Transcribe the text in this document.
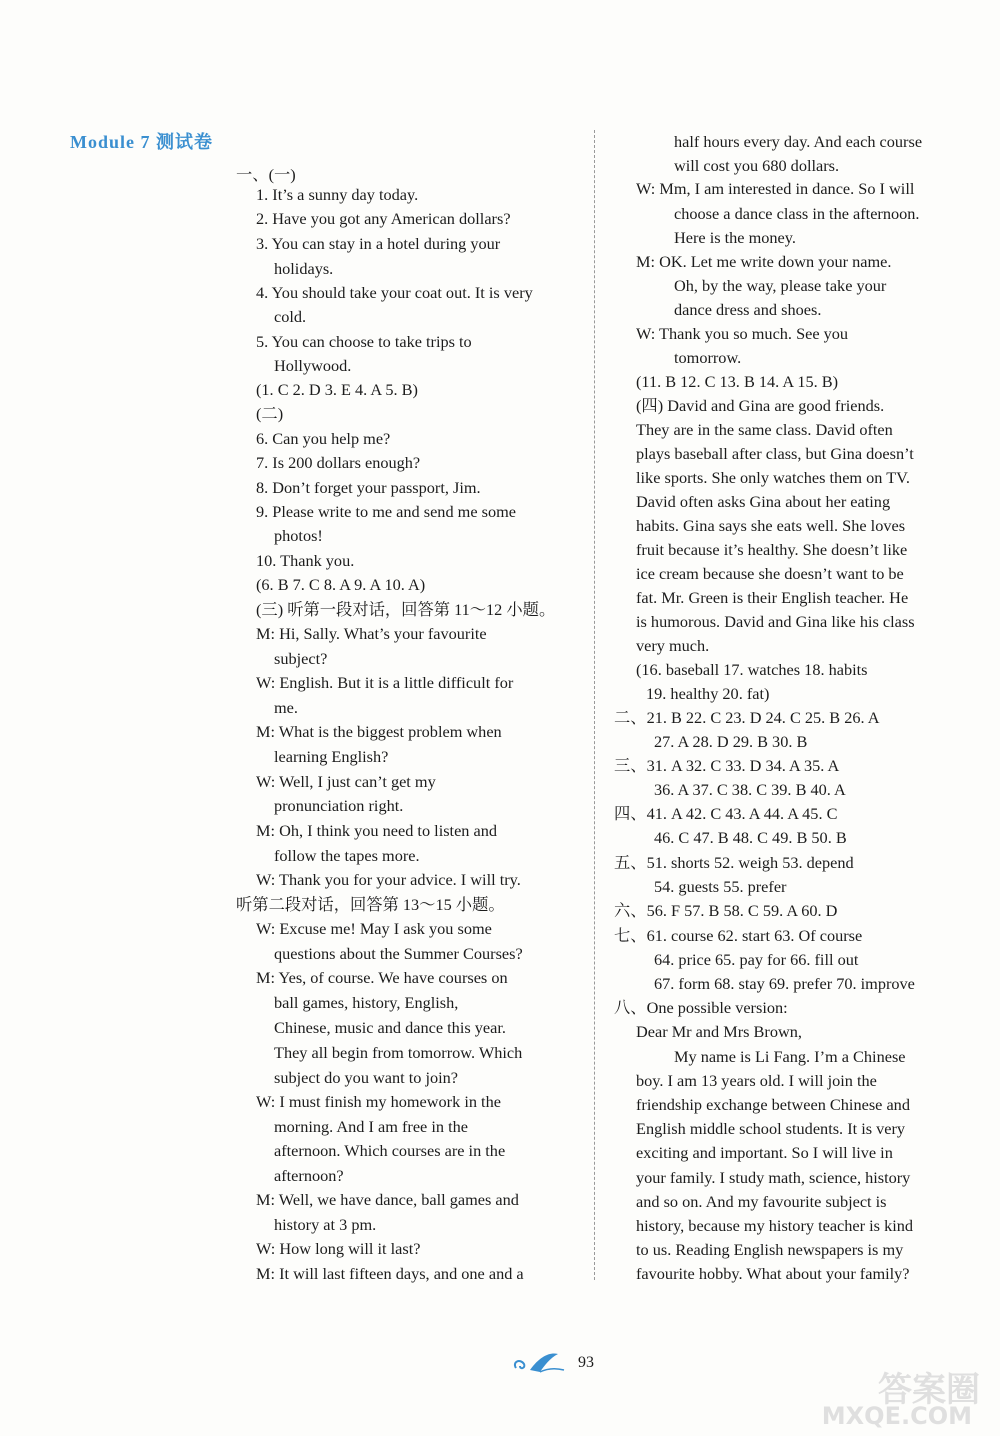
Module 7 测试卷
一、(一)
1. It’s a sunny day today.
2. Have you got any American dollars?
3. You can stay in a hotel during your
holidays.
4. You should take your coat out. It is very
cold.
5. You can choose to take trips to
Hollywood.
(1. C 2. D 3. E 4. A 5. B)
(二)
6. Can you help me?
7. Is 200 dollars enough?
8. Don’t forget your passport, Jim.
9. Please write to me and send me some
photos!
10. Thank you.
(6. B 7. C 8. A 9. A 10. A)
(三) 听第一段对话，回答第 11～12 小题。
M: Hi, Sally. What’s your favourite
subject?
W: English. But it is a little difficult for
me.
M: What is the biggest problem when
learning English?
W: Well, I just can’t get my
pronunciation right.
M: Oh, I think you need to listen and
follow the tapes more.
W: Thank you for your advice. I will try.
听第二段对话，回答第 13～15 小题。
W: Excuse me! May I ask you some
questions about the Summer Courses?
M: Yes, of course. We have courses on
ball games, history, English,
Chinese, music and dance this year.
They all begin from tomorrow. Which
subject do you want to join?
W: I must finish my homework in the
morning. And I am free in the
afternoon. Which courses are in the
afternoon?
M: Well, we have dance, ball games and
history at 3 pm.
W: How long will it last?
M: It will last fifteen days, and one and a
half hours every day. And each course
will cost you 680 dollars.
W: Mm, I am interested in dance. So I will
choose a dance class in the afternoon.
Here is the money.
M: OK. Let me write down your name.
Oh, by the way, please take your
dance dress and shoes.
W: Thank you so much. See you
tomorrow.
(11. B 12. C 13. B 14. A 15. B)
(四) David and Gina are good friends.
They are in the same class. David often
plays baseball after class, but Gina doesn’t
like sports. She only watches them on TV.
David often asks Gina about her eating
habits. Gina says she eats well. She loves
fruit because it’s healthy. She doesn’t like
ice cream because she doesn’t want to be
fat. Mr. Green is their English teacher. He
is humorous. David and Gina like his class
very much.
(16. baseball 17. watches 18. habits
19. healthy 20. fat)
二、21. B 22. C 23. D 24. C 25. B 26. A
27. A 28. D 29. B 30. B
三、31. A 32. C 33. D 34. A 35. A
36. A 37. C 38. C 39. B 40. A
四、41. A 42. C 43. A 44. A 45. C
46. C 47. B 48. C 49. B 50. B
五、51. shorts 52. weigh 53. depend
54. guests 55. prefer
六、56. F 57. B 58. C 59. A 60. D
七、61. course 62. start 63. Of course
64. price 65. pay for 66. fill out
67. form 68. stay 69. prefer 70. improve
八、One possible version:
Dear Mr and Mrs Brown,
My name is Li Fang. I’m a Chinese
boy. I am 13 years old. I will join the
friendship exchange between Chinese and
English middle school students. It is very
exciting and important. So I will live in
your family. I study math, science, history
and so on. And my favourite subject is
history, because my history teacher is kind
to us. Reading English newspapers is my
favourite hobby. What about your family?
93
答案圈
MXQE.COM
